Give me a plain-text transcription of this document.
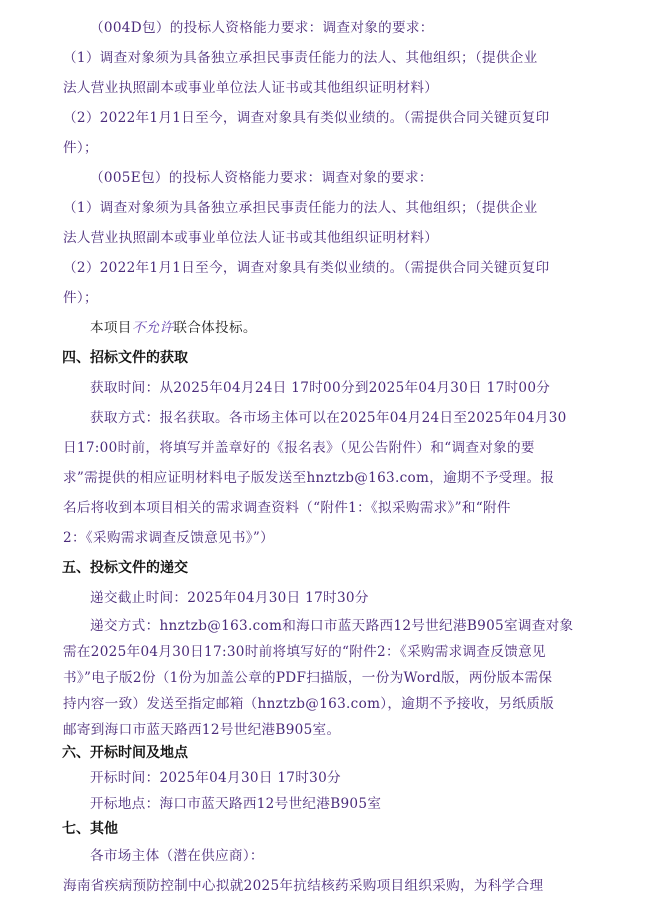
（004D包）的投标人资格能力要求：调查对象的要求：
（1）调查对象须为具备独立承担民事责任能力的法人、其他组织；（提供企业
法人营业执照副本或事业单位法人证书或其他组织证明材料）
（2）2022年1月1日至今，调查对象具有类似业绩的。（需提供合同关键页复印
件）；
（005E包）的投标人资格能力要求：调查对象的要求：
（1）调查对象须为具备独立承担民事责任能力的法人、其他组织；（提供企业
法人营业执照副本或事业单位法人证书或其他组织证明材料）
（2）2022年1月1日至今，调查对象具有类似业绩的。（需提供合同关键页复印
件）；
本项目不允许联合体投标。
四、招标文件的获取
获取时间：从2025年04月24日 17时00分到2025年04月30日 17时00分
获取方式：报名获取。各市场主体可以在2025年04月24日至2025年04月30
日17:00时前，将填写并盖章好的《报名表》（见公告附件）和“调查对象的要
求”需提供的相应证明材料电子版发送至hnztzb@163.com，逾期不予受理。报
名后将收到本项目相关的需求调查资料（“附件1：《拟采购需求》”和“附件
2：《采购需求调查反馈意见书》”）
五、投标文件的递交
递交截止时间：2025年04月30日 17时30分
递交方式：hnztzb@163.com和海口市蓝天路西12号世纪港B905室调查对象
需在2025年04月30日17:30时前将填写好的“附件2：《采购需求调查反馈意见
书》”电子版2份（1份为加盖公章的PDF扫描版，一份为Word版，两份版本需保
持内容一致）发送至指定邮箱（hnztzb@163.com），逾期不予接收，另纸质版
邮寄到海口市蓝天路西12号世纪港B905室。
六、开标时间及地点
开标时间：2025年04月30日 17时30分
开标地点：海口市蓝天路西12号世纪港B905室
七、其他
各市场主体（潜在供应商）：
海南省疾病预防控制中心拟就2025年抗结核药采购项目组织采购，为科学合理
